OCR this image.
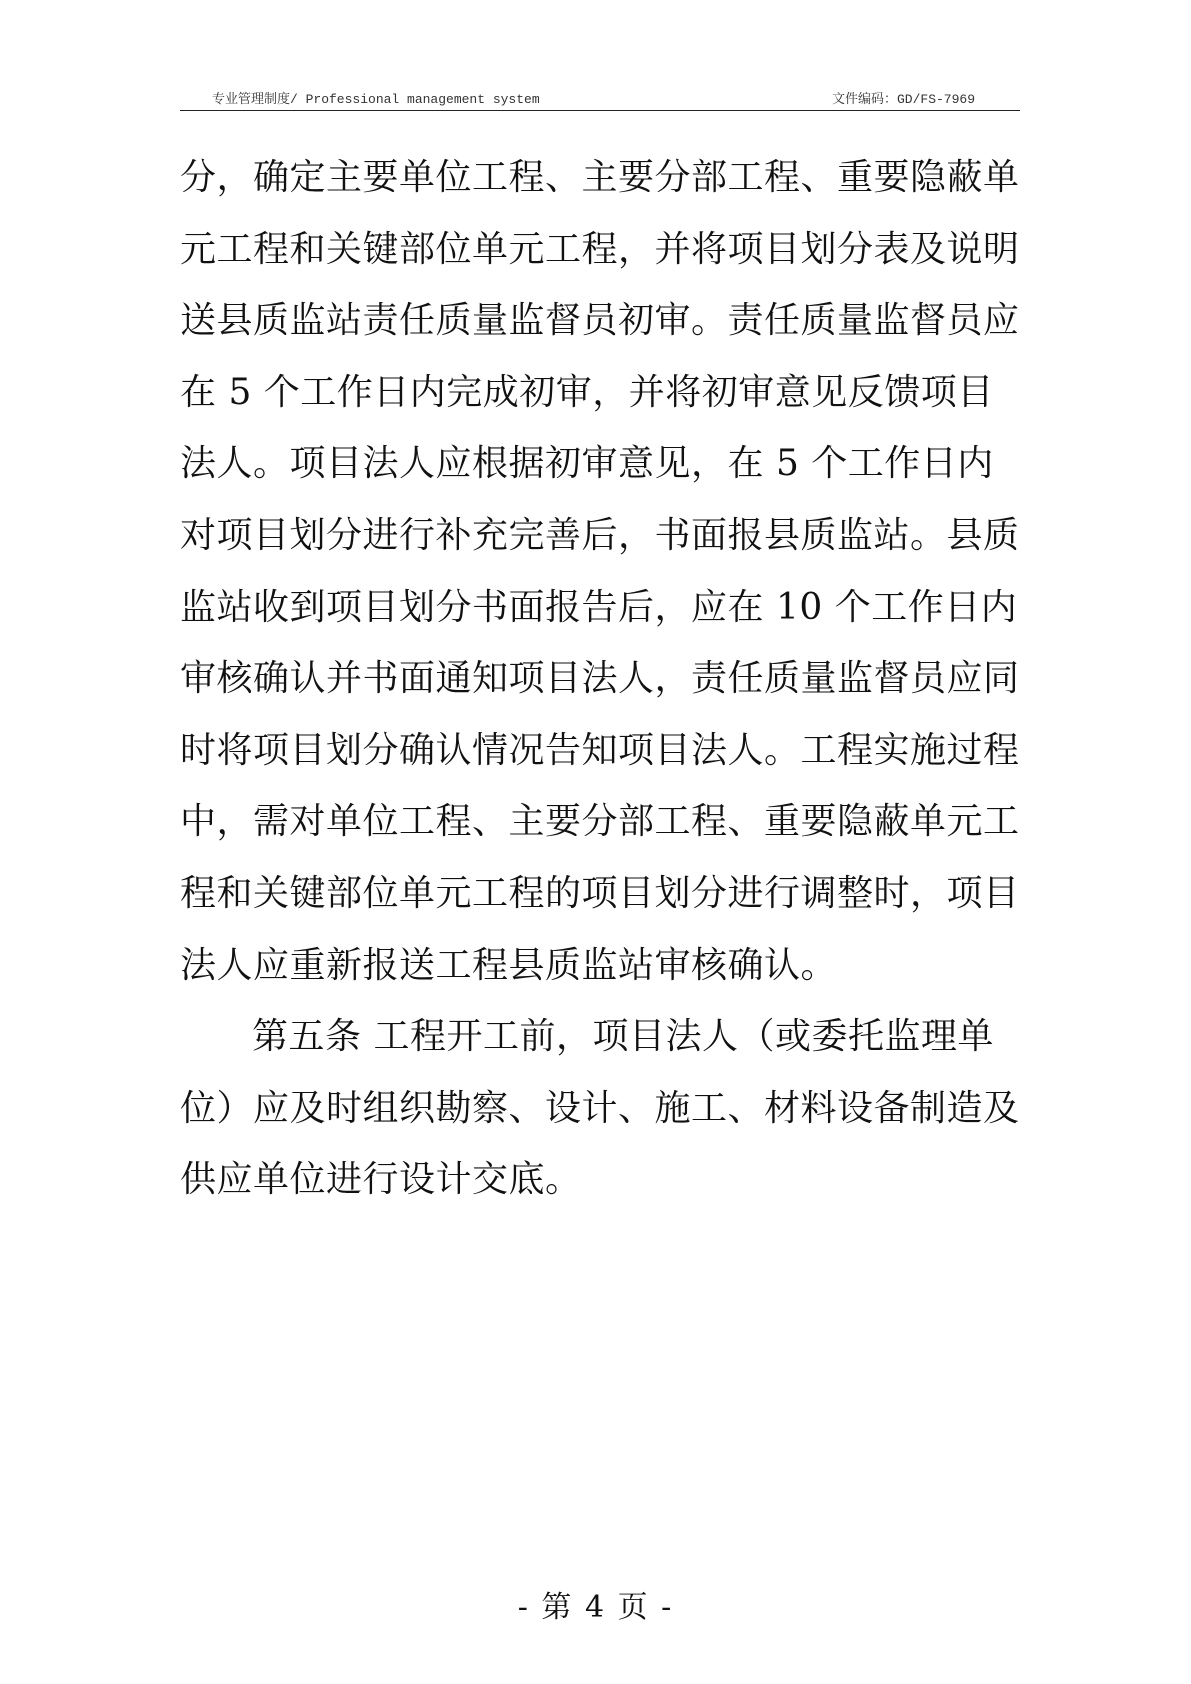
专业管理制度/ Professional management system	文件编码：GD/FS-7969
分，确定主要单位工程、主要分部工程、重要隐蔽单
元工程和关键部位单元工程，并将项目划分表及说明
送县质监站责任质量监督员初审。责任质量监督员应
在 5 个工作日内完成初审，并将初审意见反馈项目
法人。项目法人应根据初审意见，在 5 个工作日内
对项目划分进行补充完善后，书面报县质监站。县质
监站收到项目划分书面报告后，应在 10 个工作日内
审核确认并书面通知项目法人，责任质量监督员应同
时将项目划分确认情况告知项目法人。工程实施过程
中，需对单位工程、主要分部工程、重要隐蔽单元工
程和关键部位单元工程的项目划分进行调整时，项目
法人应重新报送工程县质监站审核确认。
第五条 工程开工前，项目法人（或委托监理单
位）应及时组织勘察、设计、施工、材料设备制造及
供应单位进行设计交底。
- 第 4 页 -
